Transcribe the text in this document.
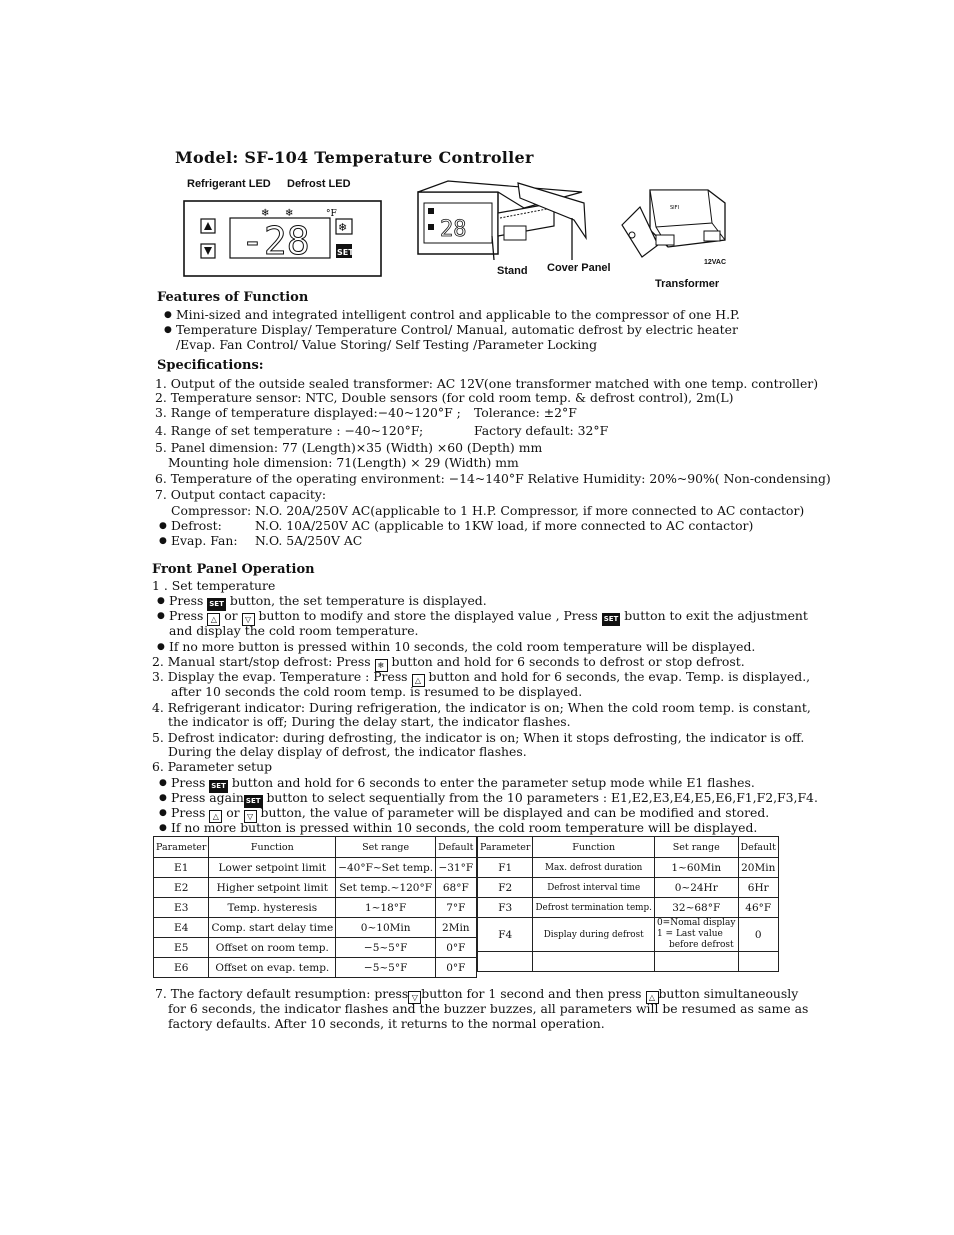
Model: SF-104 Temperature Controller
Refrigerant LED Defrost LED
❄ ❄	°F
-28	❄
SET
28
Stand Cover Panel
SIFI
12VAC
Transformer
Features of Function
● Mini-sized and integrated intelligent control and applicable to the compressor of one H.P.
● Temperature Display/ Temperature Control/ Manual, automatic defrost by electric heater
/Evap. Fan Control/ Value Storing/ Self Testing /Parameter Locking
Specifications:
1. Output of the outside sealed transformer: AC 12V(one transformer matched with one temp. controller)
2. Temperature sensor: NTC, Double sensors (for cold room temp. & defrost control), 2m(L)
3. Range of temperature displayed:−40~120°F ; Tolerance: ±2°F
4. Range of set temperature : −40~120°F;	Factory default: 32°F
5. Panel dimension: 77 (Length)×35 (Width) ×60 (Depth) mm
Mounting hole dimension: 71(Length) × 29 (Width) mm
6. Temperature of the operating environment: −14~140°F Relative Humidity: 20%~90%( Non-condensing)
7. Output contact capacity:
Compressor: N.O. 20A/250V AC(applicable to 1 H.P. Compressor, if more connected to AC contactor)
● Defrost:	N.O. 10A/250V AC (applicable to 1KW load, if more connected to AC contactor)
● Evap. Fan: N.O. 5A/250V AC
Front Panel Operation
1 . Set temperature
● Press SET button, the set temperature is displayed.
● Press △ or ▽ button to modify and store the displayed value , Press SET button to exit the adjustment
and display the cold room temperature.
● If no more button is pressed within 10 seconds, the cold room temperature will be displayed.
2. Manual start/stop defrost: Press ❄ button and hold for 6 seconds to defrost or stop defrost.
3. Display the evap. Temperature : Press △ button and hold for 6 seconds, the evap. Temp. is displayed.,
after 10 seconds the cold room temp. is resumed to be displayed.
4. Refrigerant indicator: During refrigeration, the indicator is on; When the cold room temp. is constant,
the indicator is off; During the delay start, the indicator flashes.
5. Defrost indicator: during defrosting, the indicator is on; When it stops defrosting, the indicator is off.
During the delay display of defrost, the indicator flashes.
6. Parameter setup
● Press SET button and hold for 6 seconds to enter the parameter setup mode while E1 flashes.
● Press again SET button to select sequentially from the 10 parameters : E1,E2,E3,E4,E5,E6,F1,F2,F3,F4.
● Press △ or ▽ button, the value of parameter will be displayed and can be modified and stored.
● If no more button is pressed within 10 seconds, the cold room temperature will be displayed.
Parameter	Function	Set range	Default
E1	Lower setpoint limit	−40°F~Set temp.	−31°F
E2	Higher setpoint limit	Set temp.~120°F	68°F
E3	Temp. hysteresis	1~18°F	7°F
E4	Comp. start delay time	0~10Min	2Min
E5	Offset on room temp.	−5~5°F	0°F
E6	Offset on evap. temp.	−5~5°F	0°F
Parameter	Function	Set range	Default
F1	Max. defrost duration	1~60Min	20Min
F2	Defrost interval time	0~24Hr	6Hr
F3	Defrost termination temp.	32~68°F	46°F
F4	Display during defrost	0=Nomal display
1 = Last value
before defrost	0

7. The factory default resumption: press ▽ button for 1 second and then press △ button simultaneously
for 6 seconds, the indicator flashes and the buzzer buzzes, all parameters will be resumed as same as
factory defaults. After 10 seconds, it returns to the normal operation.
